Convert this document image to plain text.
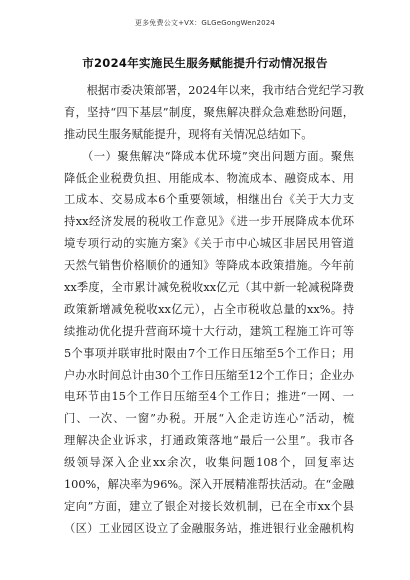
更多免费公文+VX：GLGeGongWen2024
市2024年实施民生服务赋能提升行动情况报告
　　根据市委决策部署，2024年以来，我市结合党纪学习教
育，坚持“四下基层”制度，聚焦解决群众急难愁盼问题，
推动民生服务赋能提升，现将有关情况总结如下。
　　（一）聚焦解决“降成本优环境”突出问题方面。聚焦
降低企业税费负担、用能成本、物流成本、融资成本、用
工成本、交易成本6个重要领域，相继出台《关于大力支
持xx经济发展的税收工作意见》《进一步开展降成本优环
境专项行动的实施方案》《关于市中心城区非居民用管道
天然气销售价格顺价的通知》等降成本政策措施。今年前
xx季度，全市累计减免税收xx亿元（其中新一轮减税降费
政策新增减免税收xx亿元），占全市税收总量的xx%。持
续推动优化提升营商环境十大行动，建筑工程施工许可等
5个事项并联审批时限由7个工作日压缩至5个工作日；用
户办水时间总计由30个工作日压缩至12个工作日；企业办
电环节由15个工作日压缩至4个工作日；推进“一网、一
门、一次、一窗”办税。开展“入企走访连心”活动，梳
理解决企业诉求，打通政策落地“最后一公里”。我市各
级领导深入企业xx余次，收集问题108个，回复率达
100%，解决率为96%。深入开展精准帮扶活动。在“金融
定向”方面，建立了银企对接长效机制，已在全市xx个县
（区）工业园区设立了金融服务站，推进银行业金融机构
